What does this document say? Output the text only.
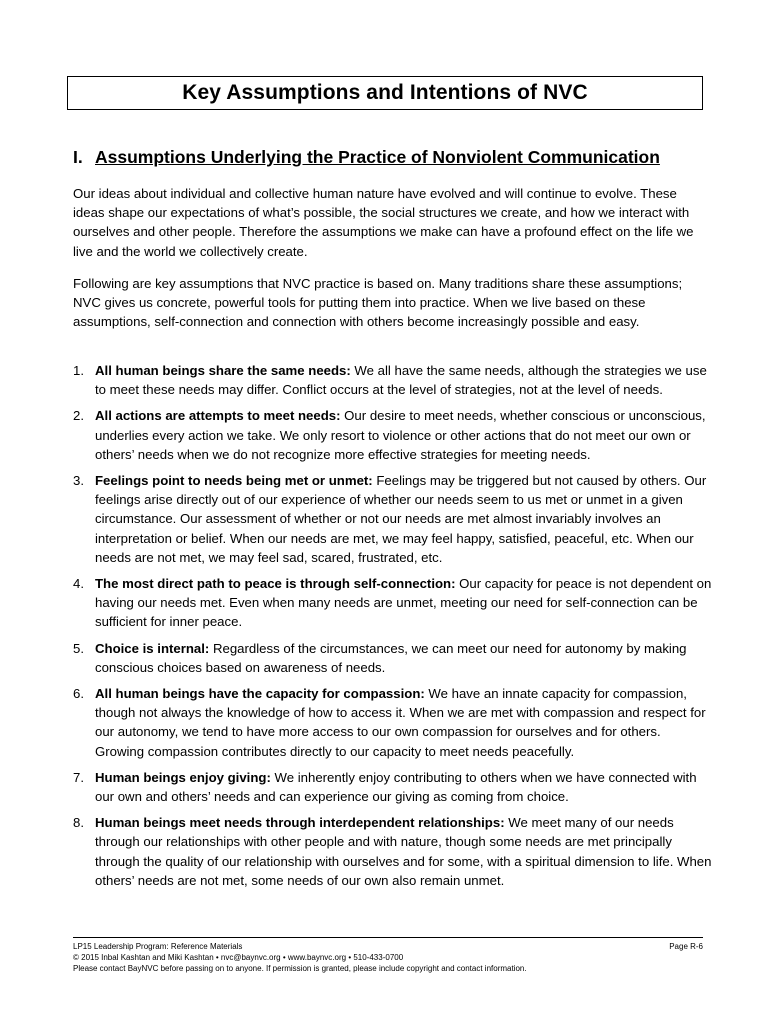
Key Assumptions and Intentions of NVC
I. Assumptions Underlying the Practice of Nonviolent Communication

Our ideas about individual and collective human nature have evolved and will continue to evolve. These ideas shape our expectations of what’s possible, the social structures we create, and how we interact with ourselves and other people. Therefore the assumptions we make can have a profound effect on the life we live and the world we collectively create.

Following are key assumptions that NVC practice is based on. Many traditions share these assumptions; NVC gives us concrete, powerful tools for putting them into practice. When we live based on these assumptions, self-connection and connection with others become increasingly possible and easy.

1. All human beings share the same needs: We all have the same needs, although the strategies we use to meet these needs may differ. Conflict occurs at the level of strategies, not at the level of needs.
2. All actions are attempts to meet needs: Our desire to meet needs, whether conscious or unconscious, underlies every action we take. We only resort to violence or other actions that do not meet our own or others’ needs when we do not recognize more effective strategies for meeting needs.
3. Feelings point to needs being met or unmet: Feelings may be triggered but not caused by others. Our feelings arise directly out of our experience of whether our needs seem to us met or unmet in a given circumstance. Our assessment of whether or not our needs are met almost invariably involves an interpretation or belief. When our needs are met, we may feel happy, satisfied, peaceful, etc. When our needs are not met, we may feel sad, scared, frustrated, etc.
4. The most direct path to peace is through self-connection: Our capacity for peace is not dependent on having our needs met. Even when many needs are unmet, meeting our need for self-connection can be sufficient for inner peace.
5. Choice is internal: Regardless of the circumstances, we can meet our need for autonomy by making conscious choices based on awareness of needs.
6. All human beings have the capacity for compassion: We have an innate capacity for compassion, though not always the knowledge of how to access it. When we are met with compassion and respect for our autonomy, we tend to have more access to our own compassion for ourselves and for others. Growing compassion contributes directly to our capacity to meet needs peacefully.
7. Human beings enjoy giving: We inherently enjoy contributing to others when we have connected with our own and others’ needs and can experience our giving as coming from choice.
8. Human beings meet needs through interdependent relationships: We meet many of our needs through our relationships with other people and with nature, though some needs are met principally through the quality of our relationship with ourselves and for some, with a spiritual dimension to life. When others’ needs are not met, some needs of our own also remain unmet.
LP15 Leadership Program: Reference Materials	Page R-6
© 2015 Inbal Kashtan and Miki Kashtan • nvc@baynvc.org • www.baynvc.org • 510-433-0700
Please contact BayNVC before passing on to anyone. If permission is granted, please include copyright and contact information.
